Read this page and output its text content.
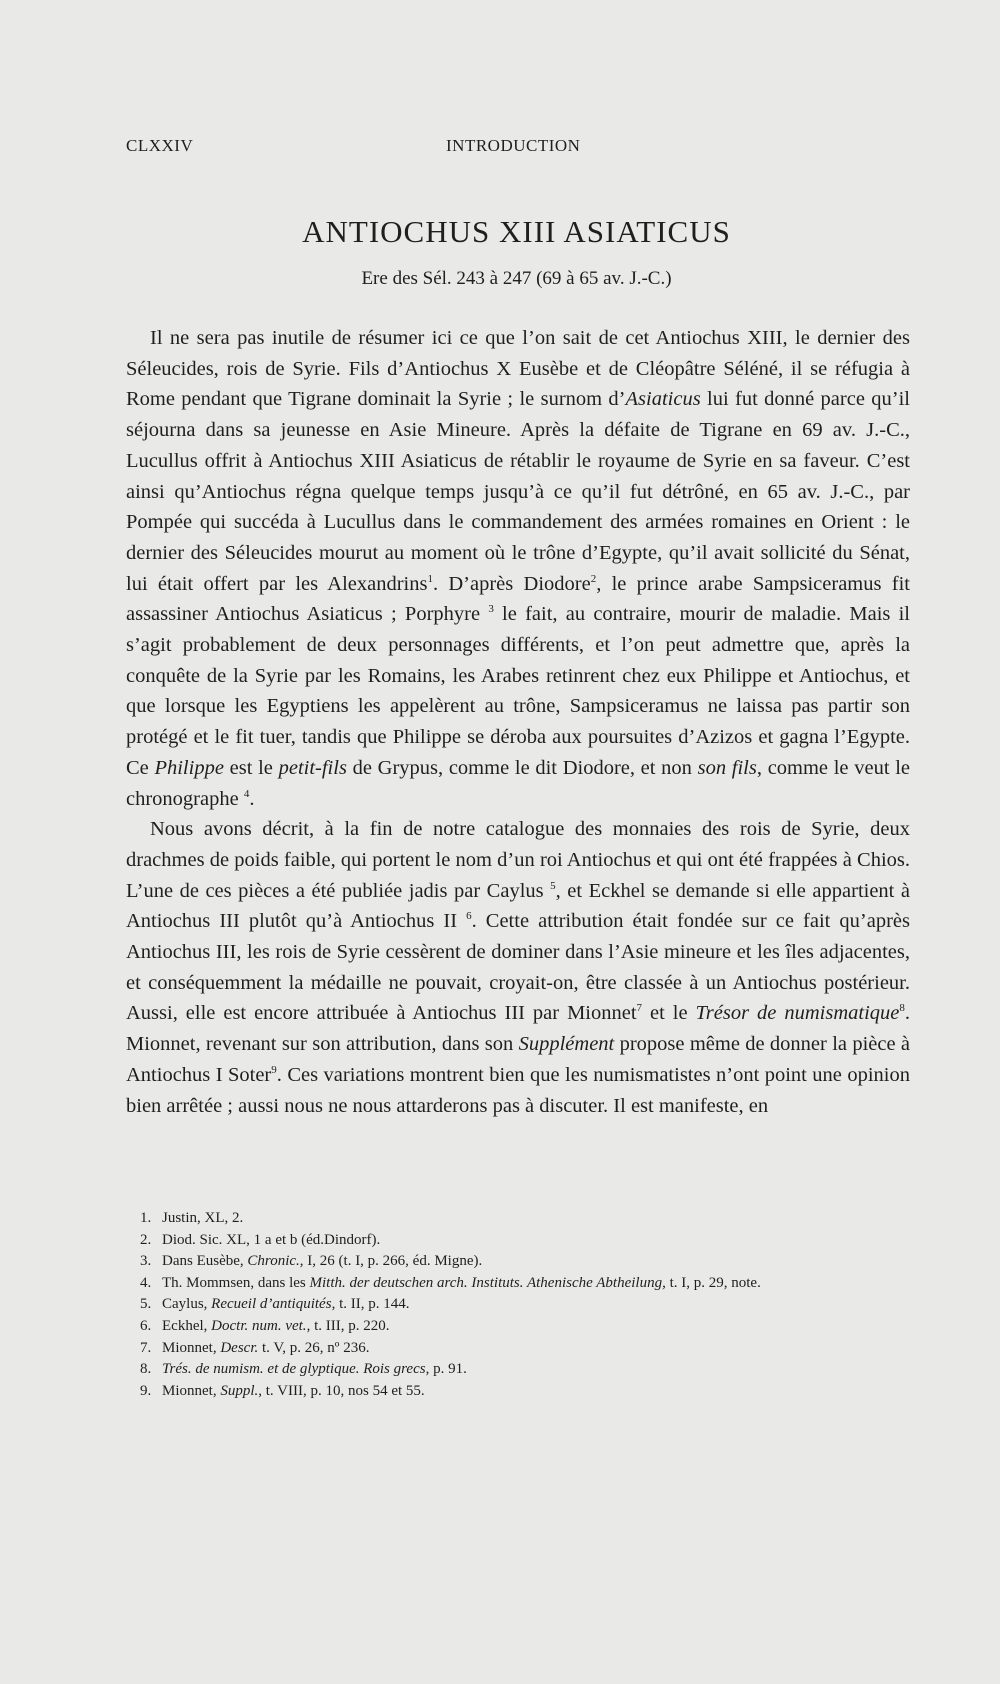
CLXXIV	INTRODUCTION
ANTIOCHUS XIII ASIATICUS
Ere des Sél. 243 à 247 (69 à 65 av. J.-C.)

Il ne sera pas inutile de résumer ici ce que l’on sait de cet Antiochus XIII, le dernier des Séleucides, rois de Syrie. Fils d’Antiochus X Eusèbe et de Cléopâtre Séléné, il se réfugia à Rome pendant que Tigrane dominait la Syrie ; le surnom d’Asiaticus lui fut donné parce qu’il séjourna dans sa jeunesse en Asie Mineure. Après la défaite de Tigrane en 69 av. J.-C., Lucullus offrit à Antiochus XIII Asiaticus de rétablir le royaume de Syrie en sa faveur. C’est ainsi qu’Antiochus régna quelque temps jusqu’à ce qu’il fut détrôné, en 65 av. J.-C., par Pompée qui succéda à Lucullus dans le commandement des armées romaines en Orient : le dernier des Séleucides mourut au moment où le trône d’Egypte, qu’il avait sollicité du Sénat, lui était offert par les Alexandrins$^1$. D’après Diodore$^2$, le prince arabe Sampsiceramus fit assassiner Antiochus Asiaticus ; Porphyre $^3$ le fait, au contraire, mourir de maladie. Mais il s’agit probablement de deux personnages différents, et l’on peut admettre que, après la conquête de la Syrie par les Romains, les Arabes retinrent chez eux Philippe et Antiochus, et que lorsque les Egyptiens les appelèrent au trône, Sampsiceramus ne laissa pas partir son protégé et le fit tuer, tandis que Philippe se déroba aux poursuites d’Azizos et gagna l’Egypte. Ce Philippe est le petit-fils de Grypus, comme le dit Diodore, et non son fils, comme le veut le chronographe $^4$.

Nous avons décrit, à la fin de notre catalogue des monnaies des rois de Syrie, deux drachmes de poids faible, qui portent le nom d’un roi Antiochus et qui ont été frappées à Chios. L’une de ces pièces a été publiée jadis par Caylus $^5$, et Eckhel se demande si elle appartient à Antiochus III plutôt qu’à Antiochus II $^6$. Cette attribution était fondée sur ce fait qu’après Antiochus III, les rois de Syrie cessèrent de dominer dans l’Asie mineure et les îles adjacentes, et conséquemment la médaille ne pouvait, croyait-on, être classée à un Antiochus postérieur. Aussi, elle est encore attribuée à Antiochus III par Mionnet$^7$ et le Trésor de numismatique$^8$. Mionnet, revenant sur son attribution, dans son Supplément propose même de donner la pièce à Antiochus I Soter$^9$. Ces variations montrent bien que les numismatistes n’ont point une opinion bien arrêtée ; aussi nous ne nous attarderons pas à discuter. Il est manifeste, en

1. Justin, XL, 2.
2. Diod. Sic. XL, 1 a et b (éd.Dindorf).
3. Dans Eusèbe, Chronic., I, 26 (t. I, p. 266, éd. Migne).
4. Th. Mommsen, dans les Mitth. der deutschen arch. Instituts. Athenische Abtheilung, t. I, p. 29, note.
5. Caylus, Recueil d’antiquités, t. II, p. 144.
6. Eckhel, Doctr. num. vet., t. III, p. 220.
7. Mionnet, Descr. t. V, p. 26, nº 236.
8. Trés. de numism. et de glyptique. Rois grecs, p. 91.
9. Mionnet, Suppl., t. VIII, p. 10, nos 54 et 55.
